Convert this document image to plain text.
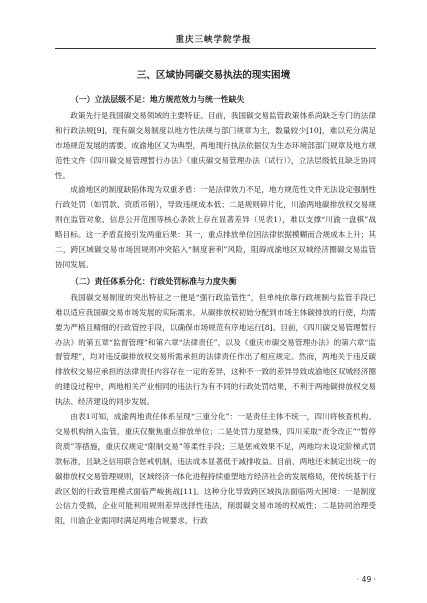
重庆三峡学院学报
三、区域协同碳交易执法的现实困境

（一）立法层级不足：地方规范效力与统一性缺失

政策先行是我国碳交易领域的主要特征。目前，我国碳交易监管政策体系尚缺乏专门的法律和行政法规[9]，现有碳交易制度以地方性法规与部门规章为主，数量较少[10]，难以充分满足市场规范发展的需要。成渝地区又为典型，两地现行执法依据仅为生态环境部部门规章及地方规范性文件《四川碳交易管理暂行办法》《重庆碳交易管理办法（试行）》，立法层级低且缺乏协同性。

成渝地区的制度缺陷体现为双重矛盾：一是法律效力不足，地方规范性文件无法设定强制性行政处罚（如罚款、资质吊销），导致违规成本低；二是规则碎片化，川渝两地碳排放权交易规则在监管对象、信息公开范围等核心条款上存在显著差异（见表1），难以支撑“川渝一盘棋”战略目标。这一矛盾直接引发两重后果：其一，重点排放单位因法律依据模糊而合规成本上升；其二，跨区域碳交易市场因规则冲突陷入“制度套利”风险，阻碍成渝地区双城经济圈碳交易监管协同发展。

（二）责任体系分化：行政处罚标准与力度失衡

我国碳交易制度的突出特征之一便是“强行政监管性”，但单纯依靠行政规制与监管手段已难以适应我国碳交易市场发展的实际需求，从碳排放权初始分配到市场主体碳排放的行使，均需要为严格且精细的行政管控手段，以确保市场规范有序地运行[8]。目前，《四川碳交易管理暂行办法》的第五章“监督管理”和第六章“法律责任”，以及《重庆市碳交易管理办法》的第六章“监督管理”，均对违反碳排放权交易所需承担的法律责任作出了相应规定。然而，两地关于违反碳排放权交易应承担的法律责任内容存在一定的差异，这种不一致的差异导致成渝地区双城经济圈的建设过程中，两地相关产业相同的违法行为有不同的行政处罚结果，不利于两地碳排放权交易执法、经济建设的同步发展。

由表1可知，成渝两地责任体系呈现“三重分化”：一是责任主体不统一，四川将核查机构、交易机构纳入监管，重庆仅聚焦重点排放单位；二是处罚力度悬殊，四川采取“责令改正”“暂停资质”等措施，重庆仅规定“限制交易”等柔性手段；三是惩戒效果不足，两地均未设定阶梯式罚款标准，且缺乏信用联合惩戒机制，违法成本显著低于减排收益。目前，两地还未制定出统一的碳排放权交易管理规则，区域经济一体化进程持续重塑地方经济社会的发展格局，使传统基于行政区划的行政管理模式面临严峻挑战[11]。这种分化导致跨区域执法面临两大困境：一是制度公信力受损，企业可能利用规则差异选择性违法，削弱碳交易市场的权威性；二是协同治理受阻，川渝企业需同时满足两地合规要求，行政

· 49 ·
